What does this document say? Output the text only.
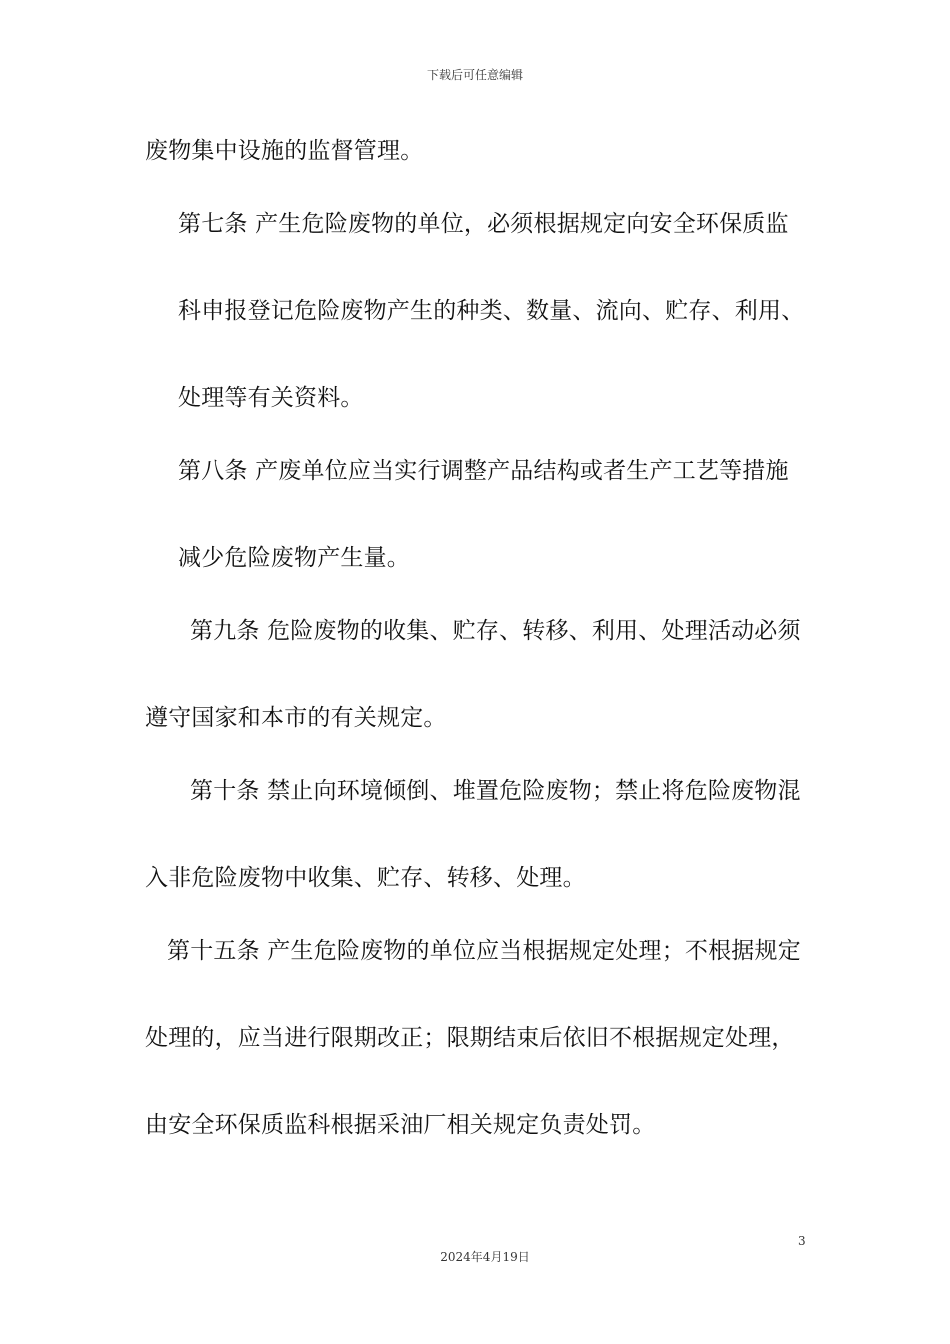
下载后可任意编辑
废物集中设施的监督管理。
第七条 产生危险废物的单位，必须根据规定向安全环保质监
科申报登记危险废物产生的种类、数量、流向、贮存、利用、
处理等有关资料。
第八条 产废单位应当实行调整产品结构或者生产工艺等措施
减少危险废物产生量。
第九条 危险废物的收集、贮存、转移、利用、处理活动必须
遵守国家和本市的有关规定。
第十条 禁止向环境倾倒、堆置危险废物；禁止将危险废物混
入非危险废物中收集、贮存、转移、处理。
第十五条 产生危险废物的单位应当根据规定处理；不根据规定
处理的，应当进行限期改正；限期结束后依旧不根据规定处理，
由安全环保质监科根据采油厂相关规定负责处罚。
3
2024年4月19日
